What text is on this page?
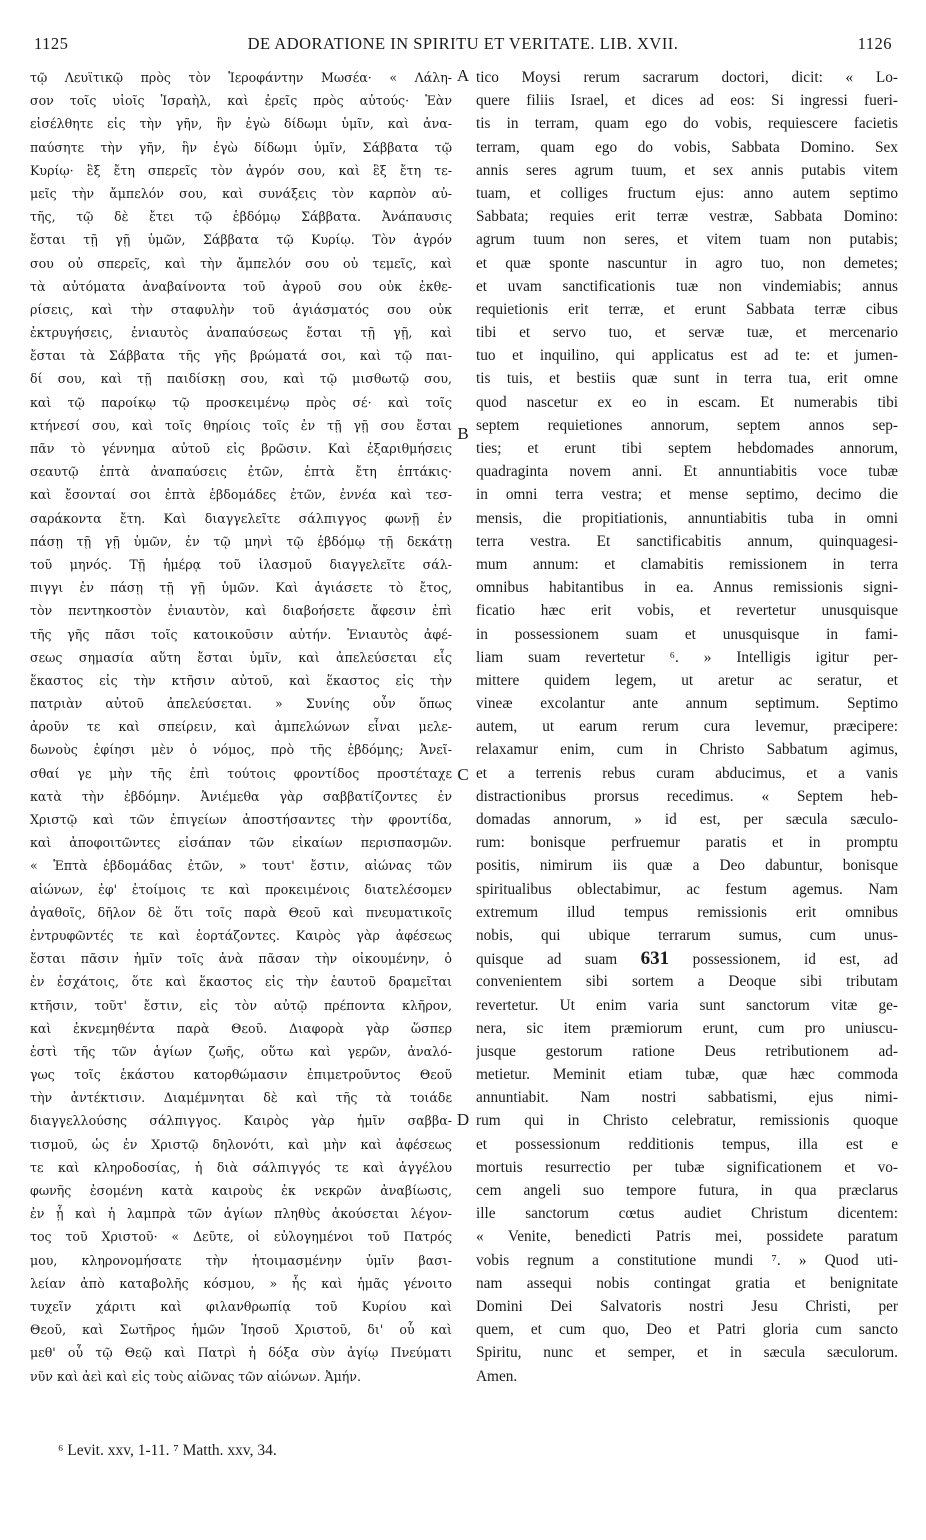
1125	DE ADORATIONE IN SPIRITU ET VERITATE. LIB. XVII.	1126
τῷ Λευϊτικῷ πρὸς τὸν Ἱεροφάντην Μωσέα· « Λάλη-
σον τοῖς υἱοῖς Ἰσραὴλ, καὶ ἐρεῖς πρὸς αὐτούς· Ἐὰν
εἰσέλθητε εἰς τὴν γῆν, ἣν ἐγὼ δίδωμι ὑμῖν, καὶ ἀνα-
παύσητε τὴν γῆν, ἣν ἐγὼ δίδωμι ὑμῖν, Σάββατα τῷ
Κυρίῳ· ἓξ ἔτη σπερεῖς τὸν ἀγρόν σου, καὶ ἓξ ἔτη τε-
μεῖς τὴν ἄμπελόν σου, καὶ συνάξεις τὸν καρπὸν αὐ-
τῆς, τῷ δὲ ἔτει τῷ ἑβδόμῳ Σάββατα. Ἀνάπαυσις
ἔσται τῇ γῇ ὑμῶν, Σάββατα τῷ Κυρίῳ. Τὸν ἀγρόν
σου οὐ σπερεῖς, καὶ τὴν ἄμπελόν σου οὐ τεμεῖς, καὶ
τὰ αὐτόματα ἀναβαίνοντα τοῦ ἀγροῦ σου οὐκ ἐκθε-
ρίσεις, καὶ τὴν σταφυλὴν τοῦ ἁγιάσματός σου οὐκ
ἐκτρυγήσεις, ἐνιαυτὸς ἀναπαύσεως ἔσται τῇ γῇ, καὶ
ἔσται τὰ Σάββατα τῆς γῆς βρώματά σοι, καὶ τῷ παι-
δί σου, καὶ τῇ παιδίσκῃ σου, καὶ τῷ μισθωτῷ σου,
καὶ τῷ παροίκῳ τῷ προσκειμένῳ πρὸς σέ· καὶ τοῖς
κτήνεσί σου, καὶ τοῖς θηρίοις τοῖς ἐν τῇ γῇ σου ἔσται
πᾶν τὸ γέννημα αὐτοῦ εἰς βρῶσιν. Καὶ ἐξαριθμήσεις
σεαυτῷ ἑπτὰ ἀναπαύσεις ἐτῶν, ἑπτὰ ἔτη ἑπτάκις·
καὶ ἔσονταί σοι ἑπτὰ ἑβδομάδες ἐτῶν, ἐννέα καὶ τεσ-
σαράκοντα ἔτη. Καὶ διαγγελεῖτε σάλπιγγος φωνῇ ἐν
πάσῃ τῇ γῇ ὑμῶν, ἐν τῷ μηνὶ τῷ ἑβδόμῳ τῇ δεκάτῃ
τοῦ μηνός. Τῇ ἡμέρᾳ τοῦ ἱλασμοῦ διαγγελεῖτε σάλ-
πιγγι ἐν πάσῃ τῇ γῇ ὑμῶν. Καὶ ἁγιάσετε τὸ ἔτος,
τὸν πεντηκοστὸν ἐνιαυτὸν, καὶ διαβοήσετε ἄφεσιν ἐπὶ
τῆς γῆς πᾶσι τοῖς κατοικοῦσιν αὐτήν. Ἐνιαυτὸς ἀφέ-
σεως σημασία αὕτη ἔσται ὑμῖν, καὶ ἀπελεύσεται εἷς
ἕκαστος εἰς τὴν κτῆσιν αὐτοῦ, καὶ ἕκαστος εἰς τὴν
πατριὰν αὐτοῦ ἀπελεύσεται. » Συνίης οὖν ὅπως
ἀροῦν τε καὶ σπείρειν, καὶ ἀμπελώνων εἶναι μελε-
δωνοὺς ἐφίησι μὲν ὁ νόμος, πρὸ τῆς ἑβδόμης; Ἀνεῖ-
σθαί γε μὴν τῆς ἐπὶ τούτοις φροντίδος προστέταχε
κατὰ τὴν ἑβδόμην. Ἀνιέμεθα γὰρ σαββατίζοντες ἐν
Χριστῷ καὶ τῶν ἐπιγείων ἀποστήσαντες τὴν φροντίδα,
καὶ ἀποφοιτῶντες εἰσάπαν τῶν εἰκαίων περισπασμῶν.
« Ἑπτὰ ἑβδομάδας ἐτῶν, » τουτ' ἔστιν, αἰώνας τῶν
αἰώνων, ἐφ' ἑτοίμοις τε καὶ προκειμένοις διατελέσομεν
ἀγαθοῖς, δῆλον δὲ ὅτι τοῖς παρὰ Θεοῦ καὶ πνευματικοῖς
ἐντρυφῶντές τε καὶ ἑορτάζοντες. Καιρὸς γὰρ ἀφέσεως
ἔσται πᾶσιν ἡμῖν τοῖς ἀνὰ πᾶσαν τὴν οἰκουμένην, ὁ
ἐν ἐσχάτοις, ὅτε καὶ ἕκαστος εἰς τὴν ἑαυτοῦ δραμεῖται
κτῆσιν, τοῦτ' ἔστιν, εἰς τὸν αὐτῷ πρέποντα κλῆρον,
καὶ ἐκνεμηθέντα παρὰ Θεοῦ. Διαφορὰ γὰρ ὥσπερ
ἐστὶ τῆς τῶν ἁγίων ζωῆς, οὕτω καὶ γερῶν, ἀναλό-
γως τοῖς ἑκάστου κατορθώμασιν ἐπιμετροῦντος Θεοῦ
τὴν ἀντέκτισιν. Διαμέμνηται δὲ καὶ τῆς τὰ τοιάδε
διαγγελλούσης σάλπιγγος. Καιρὸς γὰρ ἡμῖν σαββα-
τισμοῦ, ὡς ἐν Χριστῷ δηλονότι, καὶ μὴν καὶ ἀφέσεως
τε καὶ κληροδοσίας, ἡ διὰ σάλπιγγός τε καὶ ἀγγέλου
φωνῆς ἐσομένη κατὰ καιροὺς ἐκ νεκρῶν ἀναβίωσις,
ἐν ᾗ καὶ ἡ λαμπρὰ τῶν ἁγίων πληθὺς ἀκούσεται λέγον-
τος τοῦ Χριστοῦ· « Δεῦτε, οἱ εὐλογημένοι τοῦ Πατρός
μου, κληρονομήσατε τὴν ἡτοιμασμένην ὑμῖν βασι-
λείαν ἀπὸ καταβολῆς κόσμου, » ἧς καὶ ἡμᾶς γένοιτο
τυχεῖν χάριτι καὶ φιλανθρωπίᾳ τοῦ Κυρίου καὶ
Θεοῦ, καὶ Σωτῆρος ἡμῶν Ἰησοῦ Χριστοῦ, δι' οὗ καὶ
μεθ' οὗ τῷ Θεῷ καὶ Πατρὶ ἡ δόξα σὺν ἁγίῳ Πνεύματι
νῦν καὶ ἀεὶ καὶ εἰς τοὺς αἰῶνας τῶν αἰώνων. Ἀμήν.
tico Moysi rerum sacrarum doctori, dicit: « Lo-
quere filiis Israel, et dices ad eos: Si ingressi fueri-
tis in terram, quam ego do vobis, requiescere facietis
terram, quam ego do vobis, Sabbata Domino. Sex
annis seres agrum tuum, et sex annis putabis vitem
tuam, et colliges fructum ejus: anno autem septimo
Sabbata; requies erit terræ vestræ, Sabbata Domino:
agrum tuum non seres, et vitem tuam non putabis;
et quæ sponte nascuntur in agro tuo, non demetes;
et uvam sanctificationis tuæ non vindemiabis; annus
requietionis erit terræ, et erunt Sabbata terræ cibus
tibi et servo tuo, et servæ tuæ, et mercenario
tuo et inquilino, qui applicatus est ad te: et jumen-
tis tuis, et bestiis quæ sunt in terra tua, erit omne
quod nascetur ex eo in escam. Et numerabis tibi
septem requietiones annorum, septem annos sep-
ties; et erunt tibi septem hebdomades annorum,
quadraginta novem anni. Et annuntiabitis voce tubæ
in omni terra vestra; et mense septimo, decimo die
mensis, die propitiationis, annuntiabitis tuba in omni
terra vestra. Et sanctificabitis annum, quinquagesi-
mum annum: et clamabitis remissionem in terra
omnibus habitantibus in ea. Annus remissionis signi-
ficatio hæc erit vobis, et revertetur unusquisque
in possessionem suam et unusquisque in fami-
liam suam revertetur ⁶. » Intelligis igitur per-
mittere quidem legem, ut aretur ac seratur, et
vineæ excolantur ante annum septimum. Septimo
autem, ut earum rerum cura levemur, præcipere:
relaxamur enim, cum in Christo Sabbatum agimus,
et a terrenis rebus curam abducimus, et a vanis
distractionibus prorsus recedimus. « Septem heb-
domadas annorum, » id est, per sæcula sæculo-
rum: bonisque perfruemur paratis et in promptu
positis, nimirum iis quæ a Deo dabuntur, bonisque
spiritualibus oblectabimur, ac festum agemus. Nam
extremum illud tempus remissionis erit omnibus
nobis, qui ubique terrarum sumus, cum unus-
quisque ad suam 631 possessionem, id est, ad
convenientem sibi sortem a Deoque sibi tributam
revertetur. Ut enim varia sunt sanctorum vitæ ge-
nera, sic item præmiorum erunt, cum pro uniuscu-
jusque gestorum ratione Deus retributionem ad-
metietur. Meminit etiam tubæ, quæ hæc commoda
annuntiabit. Nam nostri sabbatismi, ejus nimi-
rum qui in Christo celebratur, remissionis quoque
et possessionum redditionis tempus, illa est e
mortuis resurrectio per tubæ significationem et vo-
cem angeli suo tempore futura, in qua præclarus
ille sanctorum cœtus audiet Christum dicentem:
« Venite, benedicti Patris mei, possidete paratum
vobis regnum a constitutione mundi ⁷. » Quod uti-
nam assequi nobis contingat gratia et benignitate
Domini Dei Salvatoris nostri Jesu Christi, per
quem, et cum quo, Deo et Patri gloria cum sancto
Spiritu, nunc et semper, et in sæcula sæculorum.
Amen.
A
B
C
D
⁶ Levit. xxv, 1-11. ⁷ Matth. xxv, 34.
